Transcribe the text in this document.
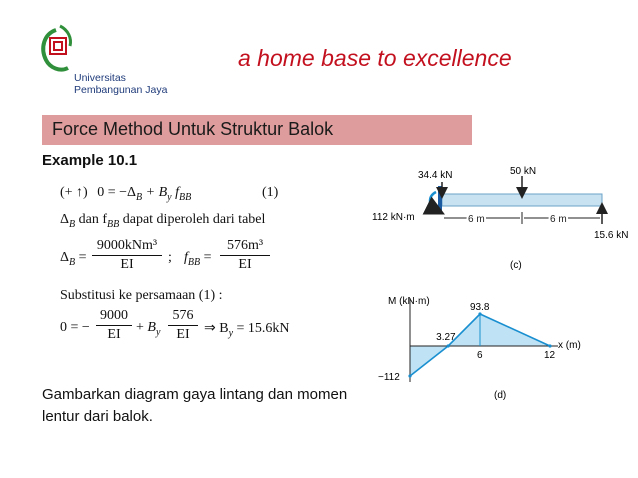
Universitas
Pembangunan Jaya
a home base to excellence
Force Method Untuk Struktur Balok
Example 10.1
(+ ↑) $0 = -\Delta_B + B_y$ $f_{BB}$	(1)
$\Delta_B$ dan $f_{BB}$ dapat diperoleh dari tabel
$\Delta_B$ =
9000kNm³
EI	; $f_{BB}$ =
576m³
EI
Substitusi ke persamaan (1) :
0 = −
9000
EI	+ $B_y$
576
EI	⇒ $B_y = 15.6kN$
34.4 kN	50 kN
112 kN·m	6 m	6 m
15.6 kN
(c)
M (kN·m)
x (m)
(d)
93.8
3.27
6	12
−112
Gambarkan diagram gaya lintang dan momen
lentur dari balok.
